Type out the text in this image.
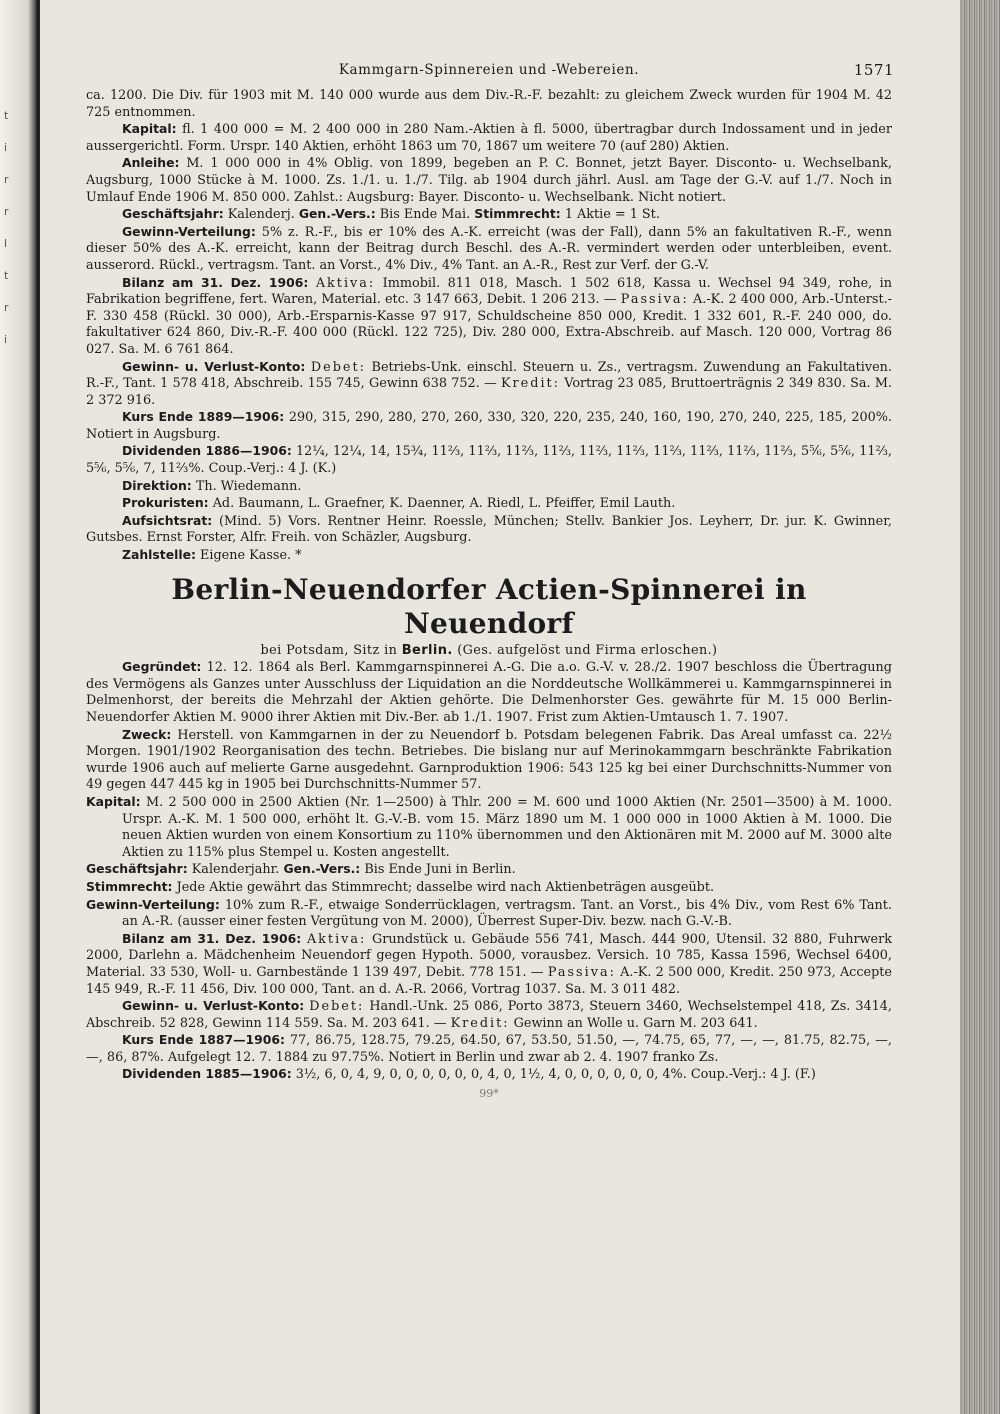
t
i
r
r
l
t
r
i
Kammgarn-Spinnereien und -Webereien.	1571

ca. 1200. Die Div. für 1903 mit M. 140 000 wurde aus dem Div.-R.-F. bezahlt: zu gleichem Zweck wurden für 1904 M. 42 725 entnommen.

Kapital: fl. 1 400 000 = M. 2 400 000 in 280 Nam.-Aktien à fl. 5000, übertragbar durch Indossament und in jeder aussergerichtl. Form. Urspr. 140 Aktien, erhöht 1863 um 70, 1867 um weitere 70 (auf 280) Aktien.

Anleihe: M. 1 000 000 in 4% Oblig. von 1899, begeben an P. C. Bonnet, jetzt Bayer. Disconto- u. Wechselbank, Augsburg, 1000 Stücke à M. 1000. Zs. 1./1. u. 1./7. Tilg. ab 1904 durch jährl. Ausl. am Tage der G.-V. auf 1./7. Noch in Umlauf Ende 1906 M. 850 000. Zahlst.: Augsburg: Bayer. Disconto- u. Wechselbank. Nicht notiert.

Geschäftsjahr: Kalenderj. Gen.-Vers.: Bis Ende Mai. Stimmrecht: 1 Aktie = 1 St.

Gewinn-Verteilung: 5% z. R.-F., bis er 10% des A.-K. erreicht (was der Fall), dann 5% an fakultativen R.-F., wenn dieser 50% des A.-K. erreicht, kann der Beitrag durch Beschl. des A.-R. vermindert werden oder unterbleiben, event. ausserord. Rückl., vertragsm. Tant. an Vorst., 4% Div., 4% Tant. an A.-R., Rest zur Verf. der G.-V.

Bilanz am 31. Dez. 1906: Aktiva: Immobil. 811 018, Masch. 1 502 618, Kassa u. Wechsel 94 349, rohe, in Fabrikation begriffene, fert. Waren, Material. etc. 3 147 663, Debit. 1 206 213. — Passiva: A.-K. 2 400 000, Arb.-Unterst.-F. 330 458 (Rückl. 30 000), Arb.-Ersparnis-Kasse 97 917, Schuldscheine 850 000, Kredit. 1 332 601, R.-F. 240 000, do. fakultativer 624 860, Div.-R.-F. 400 000 (Rückl. 122 725), Div. 280 000, Extra-Abschreib. auf Masch. 120 000, Vortrag 86 027. Sa. M. 6 761 864.

Gewinn- u. Verlust-Konto: Debet: Betriebs-Unk. einschl. Steuern u. Zs., vertragsm. Zuwendung an Fakultativen. R.-F., Tant. 1 578 418, Abschreib. 155 745, Gewinn 638 752. — Kredit: Vortrag 23 085, Bruttoerträgnis 2 349 830. Sa. M. 2 372 916.

Kurs Ende 1889—1906: 290, 315, 290, 280, 270, 260, 330, 320, 220, 235, 240, 160, 190, 270, 240, 225, 185, 200%. Notiert in Augsburg.

Dividenden 1886—1906: 12¼, 12¼, 14, 15¾, 11⅔, 11⅔, 11⅔, 11⅔, 11⅔, 11⅔, 11⅔, 11⅔, 11⅔, 11⅔, 5⅚, 5⅚, 11⅔, 5⅚, 5⅚, 7, 11⅔%. Coup.-Verj.: 4 J. (K.)

Direktion: Th. Wiedemann.

Prokuristen: Ad. Baumann, L. Graefner, K. Daenner, A. Riedl, L. Pfeiffer, Emil Lauth.

Aufsichtsrat: (Mind. 5) Vors. Rentner Heinr. Roessle, München; Stellv. Bankier Jos. Leyherr, Dr. jur. K. Gwinner, Gutsbes. Ernst Forster, Alfr. Freih. von Schäzler, Augsburg.

Zahlstelle: Eigene Kasse. *

Berlin-Neuendorfer Actien-Spinnerei in Neuendorf

bei Potsdam, Sitz in Berlin. (Ges. aufgelöst und Firma erloschen.)

Gegründet: 12. 12. 1864 als Berl. Kammgarnspinnerei A.-G. Die a.o. G.-V. v. 28./2. 1907 beschloss die Übertragung des Vermögens als Ganzes unter Ausschluss der Liquidation an die Norddeutsche Wollkämmerei u. Kammgarnspinnerei in Delmenhorst, der bereits die Mehrzahl der Aktien gehörte. Die Delmenhorster Ges. gewährte für M. 15 000 Berlin-Neuendorfer Aktien M. 9000 ihrer Aktien mit Div.-Ber. ab 1./1. 1907. Frist zum Aktien-Umtausch 1. 7. 1907.

Zweck: Herstell. von Kammgarnen in der zu Neuendorf b. Potsdam belegenen Fabrik. Das Areal umfasst ca. 22½ Morgen. 1901/1902 Reorganisation des techn. Betriebes. Die bislang nur auf Merinokammgarn beschränkte Fabrikation wurde 1906 auch auf melierte Garne ausgedehnt. Garnproduktion 1906: 543 125 kg bei einer Durchschnitts-Nummer von 49 gegen 447 445 kg in 1905 bei Durchschnitts-Nummer 57.

Kapital: M. 2 500 000 in 2500 Aktien (Nr. 1—2500) à Thlr. 200 = M. 600 und 1000 Aktien (Nr. 2501—3500) à M. 1000. Urspr. A.-K. M. 1 500 000, erhöht lt. G.-V.-B. vom 15. März 1890 um M. 1 000 000 in 1000 Aktien à M. 1000. Die neuen Aktien wurden von einem Konsortium zu 110% übernommen und den Aktionären mit M. 2000 auf M. 3000 alte Aktien zu 115% plus Stempel u. Kosten angestellt.

Geschäftsjahr: Kalenderjahr. Gen.-Vers.: Bis Ende Juni in Berlin.

Stimmrecht: Jede Aktie gewährt das Stimmrecht; dasselbe wird nach Aktienbeträgen ausgeübt.

Gewinn-Verteilung: 10% zum R.-F., etwaige Sonderrücklagen, vertragsm. Tant. an Vorst., bis 4% Div., vom Rest 6% Tant. an A.-R. (ausser einer festen Vergütung von M. 2000), Überrest Super-Div. bezw. nach G.-V.-B.

Bilanz am 31. Dez. 1906: Aktiva: Grundstück u. Gebäude 556 741, Masch. 444 900, Utensil. 32 880, Fuhrwerk 2000, Darlehn a. Mädchenheim Neuendorf gegen Hypoth. 5000, vorausbez. Versich. 10 785, Kassa 1596, Wechsel 6400, Material. 33 530, Woll- u. Garnbestände 1 139 497, Debit. 778 151. — Passiva: A.-K. 2 500 000, Kredit. 250 973, Accepte 145 949, R.-F. 11 456, Div. 100 000, Tant. an d. A.-R. 2066, Vortrag 1037. Sa. M. 3 011 482.

Gewinn- u. Verlust-Konto: Debet: Handl.-Unk. 25 086, Porto 3873, Steuern 3460, Wechselstempel 418, Zs. 3414, Abschreib. 52 828, Gewinn 114 559. Sa. M. 203 641. — Kredit: Gewinn an Wolle u. Garn M. 203 641.

Kurs Ende 1887—1906: 77, 86.75, 128.75, 79.25, 64.50, 67, 53.50, 51.50, —, 74.75, 65, 77, —, —, 81.75, 82.75, —, —, 86, 87%. Aufgelegt 12. 7. 1884 zu 97.75%. Notiert in Berlin und zwar ab 2. 4. 1907 franko Zs.

Dividenden 1885—1906: 3½, 6, 0, 4, 9, 0, 0, 0, 0, 0, 0, 4, 0, 1½, 4, 0, 0, 0, 0, 0, 0, 4%. Coup.-Verj.: 4 J. (F.)

99*
